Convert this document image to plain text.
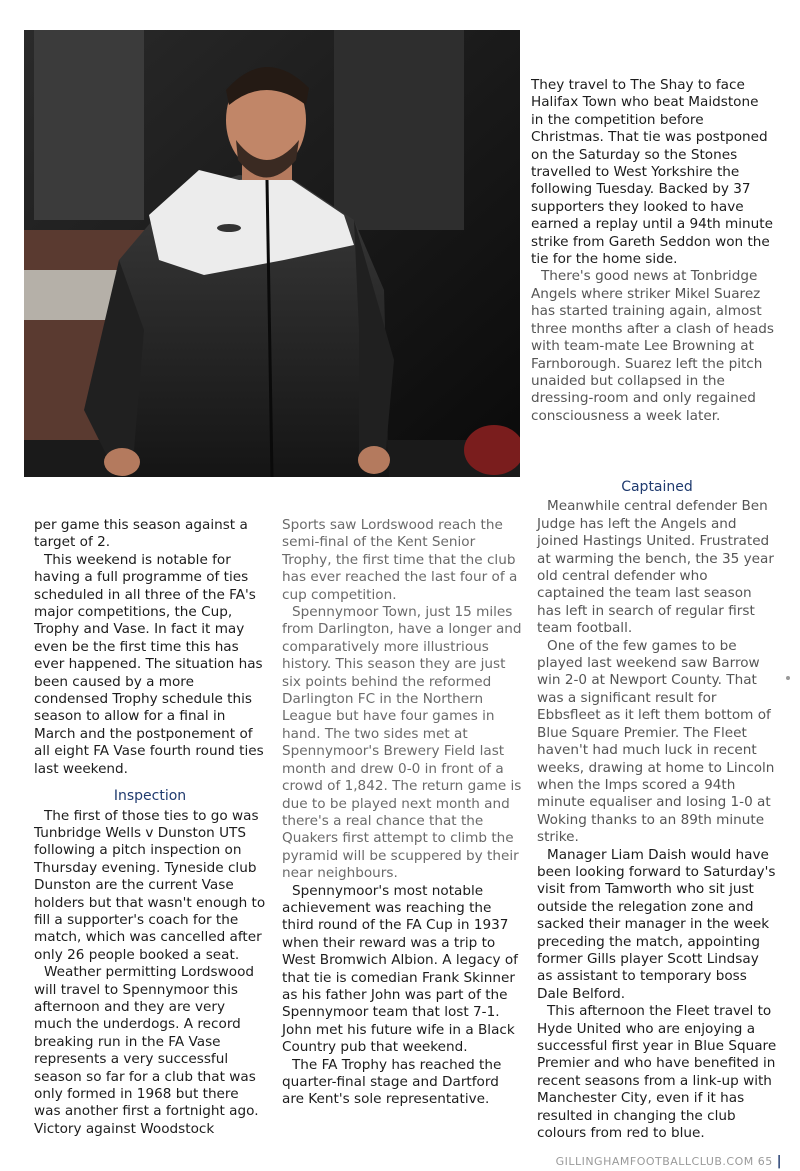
They travel to The Shay to face Halifax Town who beat Maidstone in the competition before Christmas. That tie was postponed on the Saturday so the Stones travelled to West Yorkshire the following Tuesday. Backed by 37 supporters they looked to have earned a replay until a 94th minute strike from Gareth Seddon won the tie for the home side.

There's good news at Tonbridge Angels where striker Mikel Suarez has started training again, almost three months after a clash of heads with team-mate Lee Browning at Farnborough. Suarez left the pitch unaided but collapsed in the dressing-room and only regained consciousness a week later.

Captained

Meanwhile central defender Ben Judge has left the Angels and joined Hastings United. Frustrated at warming the bench, the 35 year old central defender who captained the team last season has left in search of regular first team football.

One of the few games to be played last weekend saw Barrow win 2-0 at Newport County. That was a significant result for Ebbsfleet as it left them bottom of Blue Square Premier. The Fleet haven't had much luck in recent weeks, drawing at home to Lincoln when the Imps scored a 94th minute equaliser and losing 1-0 at Woking thanks to an 89th minute strike.

Manager Liam Daish would have been looking forward to Saturday's visit from Tamworth who sit just outside the relegation zone and sacked their manager in the week preceding the match, appointing former Gills player Scott Lindsay as assistant to temporary boss Dale Belford.

This afternoon the Fleet travel to Hyde United who are enjoying a successful first year in Blue Square Premier and who have benefited in recent seasons from a link-up with Manchester City, even if it has resulted in changing the club colours from red to blue.

per game this season against a target of 2.

This weekend is notable for having a full programme of ties scheduled in all three of the FA's major competitions, the Cup, Trophy and Vase. In fact it may even be the first time this has ever happened. The situation has been caused by a more condensed Trophy schedule this season to allow for a final in March and the postponement of all eight FA Vase fourth round ties last weekend.

Inspection

The first of those ties to go was Tunbridge Wells v Dunston UTS following a pitch inspection on Thursday evening. Tyneside club Dunston are the current Vase holders but that wasn't enough to fill a supporter's coach for the match, which was cancelled after only 26 people booked a seat.

Weather permitting Lordswood will travel to Spennymoor this afternoon and they are very much the underdogs. A record breaking run in the FA Vase represents a very successful season so far for a club that was only formed in 1968 but there was another first a fortnight ago. Victory against Woodstock

Sports saw Lordswood reach the semi-final of the Kent Senior Trophy, the first time that the club has ever reached the last four of a cup competition.

Spennymoor Town, just 15 miles from Darlington, have a longer and comparatively more illustrious history. This season they are just six points behind the reformed Darlington FC in the Northern League but have four games in hand. The two sides met at Spennymoor's Brewery Field last month and drew 0-0 in front of a crowd of 1,842. The return game is due to be played next month and there's a real chance that the Quakers first attempt to climb the pyramid will be scuppered by their near neighbours.

Spennymoor's most notable achievement was reaching the third round of the FA Cup in 1937 when their reward was a trip to West Bromwich Albion. A legacy of that tie is comedian Frank Skinner as his father John was part of the Spennymoor team that lost 7-1. John met his future wife in a Black Country pub that weekend.

The FA Trophy has reached the quarter-final stage and Dartford are Kent's sole representative.

GILLINGHAMFOOTBALLCLUB.COM 65 |
